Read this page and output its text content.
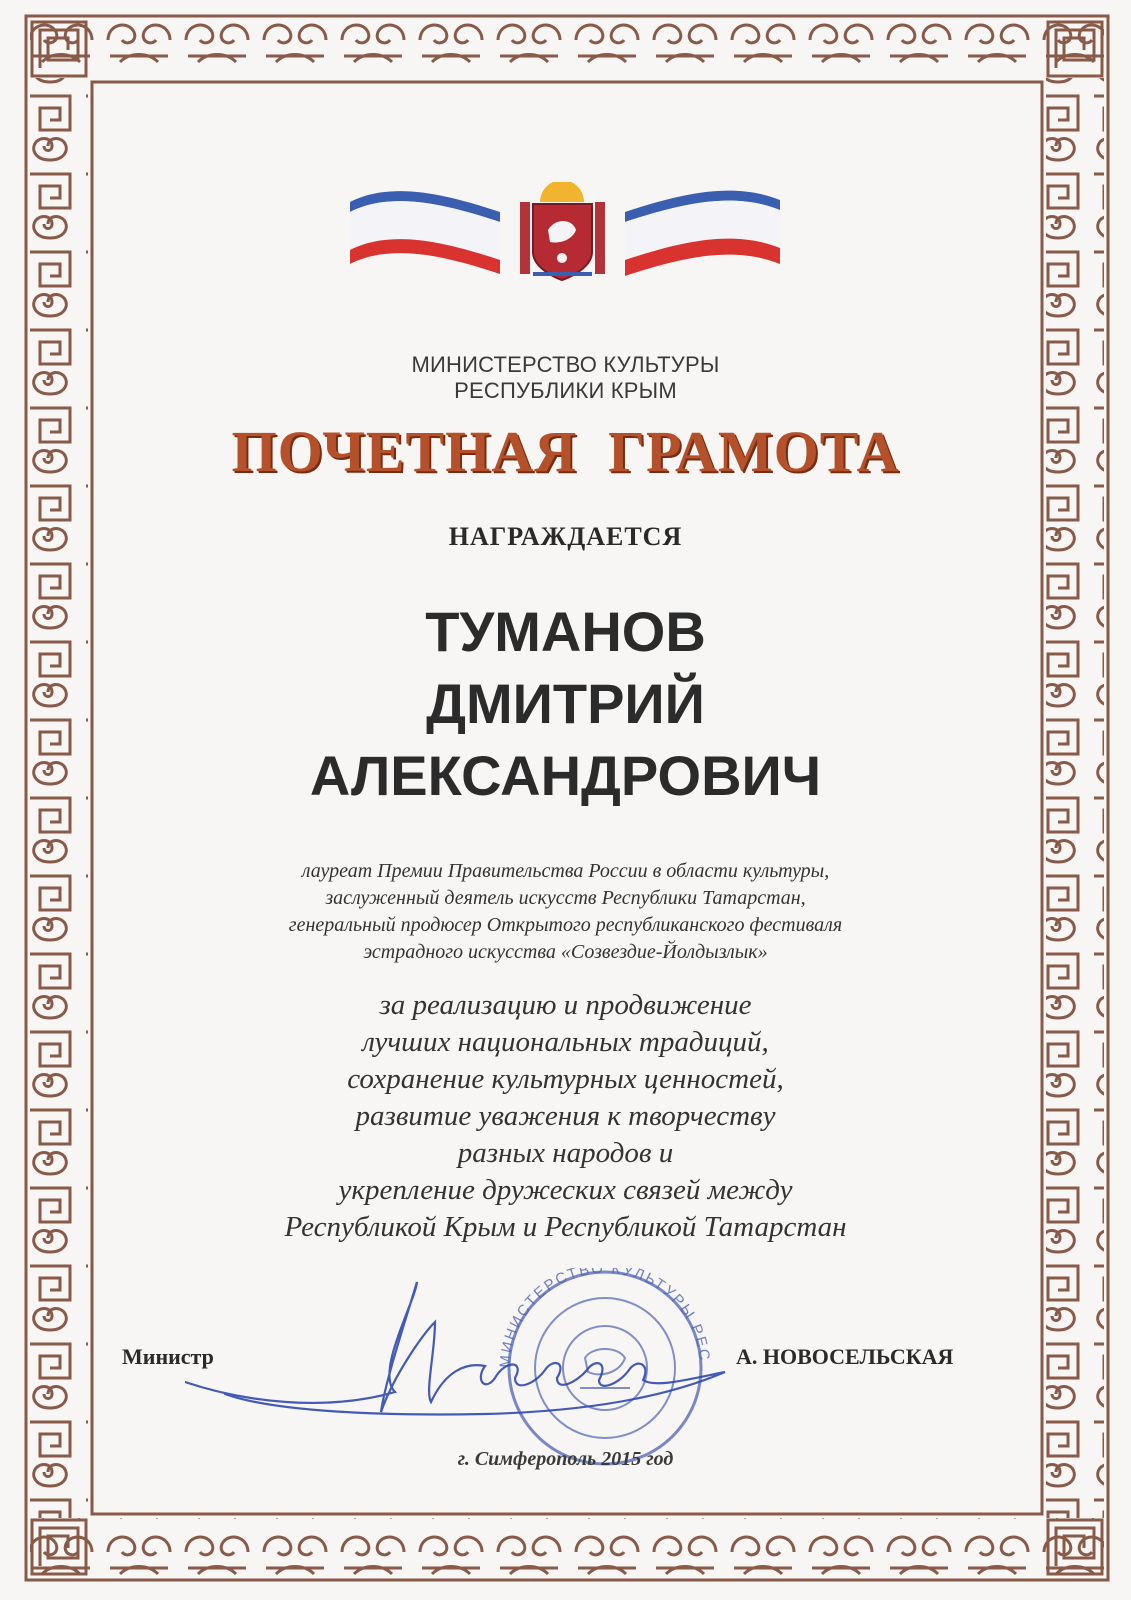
МИНИСТЕРСТВО КУЛЬТУРЫ
РЕСПУБЛИКИ КРЫМ
ПОЧЕТНАЯ  ГРАМОТА
НАГРАЖДАЕТСЯ
ТУМАНОВ
ДМИТРИЙ
АЛЕКСАНДРОВИЧ
лауреат Премии Правительства России в области культуры,
заслуженный деятель искусств Республики Татарстан,
генеральный продюсер Открытого республиканского фестиваля
эстрадного искусства «Созвездие-Йолдызлык»
за реализацию и продвижение
лучших национальных традиций,
сохранение культурных ценностей,
развитие уважения к творчеству
разных народов и
укрепление дружеских связей между
Республикой Крым и Республикой Татарстан
МИНИСТЕРСТВО КУЛЬТУРЫ РЕС
Министр	А. НОВОСЕЛЬСКАЯ
г. Симферополь 2015 год
